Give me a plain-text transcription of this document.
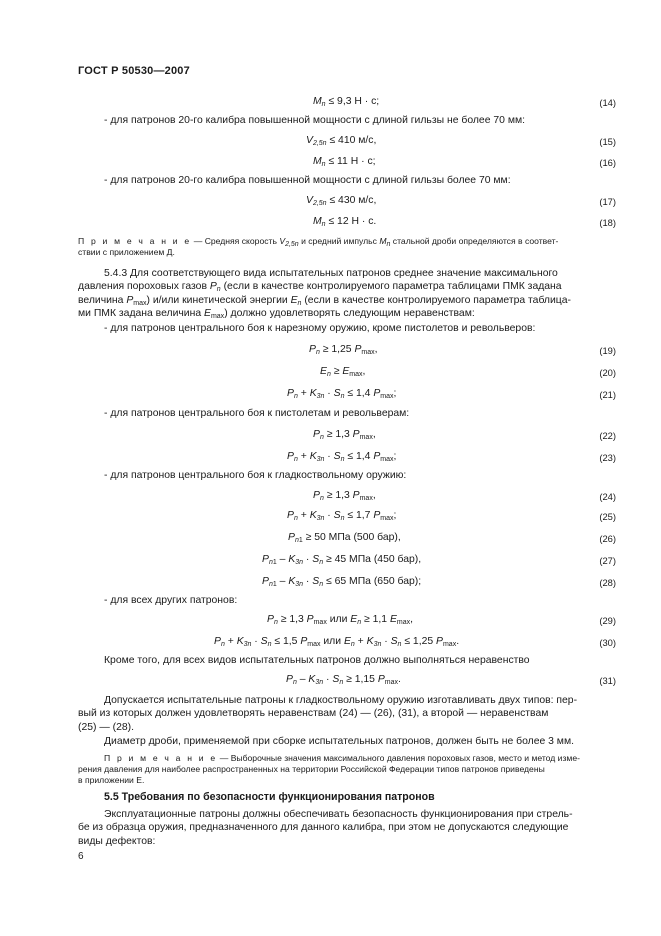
ГОСТ Р 50530—2007
$M_n \le 9,3$ Н · с;	(14)
- для патронов 20-го калибра повышенной мощности с длиной гильзы не более 70 мм:
$V_{2,5n} \le 410$ м/с,	(15)
$M_n \le 11$ Н · с;	(16)
- для патронов 20-го калибра повышенной мощности с длиной гильзы более 70 мм:
$V_{2,5n} \le 430$ м/с,	(17)
$M_n \le 12$ Н · с.	(18)
П р и м е ч а н и е — Средняя скорость $V_{2,5n}$ и средний импульс $M_n$ стальной дроби определяются в соответ-
ствии с приложением Д.
5.4.3 Для соответствующего вида испытательных патронов среднее значение максимального
давления пороховых газов $P_n$ (если в качестве контролируемого параметра таблицами ПМК задана
величина $P_{max}$) и/или кинетической энергии $E_n$ (если в качестве контролируемого параметра таблица-
ми ПМК задана величина $E_{max}$) должно удовлетворять следующим неравенствам:
- для патронов центрального боя к нарезному оружию, кроме пистолетов и револьверов:
$P_n \ge 1,25$ $P_{max}$,	(19)
$E_n \ge E_{max}$,	(20)
$P_n + K_{3n} \cdot S_n \le 1,4$ $P_{max}$;	(21)
- для патронов центрального боя к пистолетам и револьверам:
$P_n \ge 1,3$ $P_{max}$,	(22)
$P_n + K_{3n} \cdot S_n \le 1,4$ $P_{max}$;	(23)
- для патронов центрального боя к гладкоствольному оружию:
$P_n \ge 1,3$ $P_{max}$,	(24)
$P_n + K_{3n} \cdot S_n \le 1,7$ $P_{max}$;	(25)
$P_{n1} \ge 50$ МПа (500 бар),	(26)
$P_{n1} - K_{3n} \cdot S_n \ge 45$ МПа (450 бар),	(27)
$P_{n1} - K_{3n} \cdot S_n \le 65$ МПа (650 бар);	(28)
- для всех других патронов:
$P_n \ge 1,3$ $P_{max}$ или $E_n \ge 1,1$ $E_{max}$,	(29)
$P_n + K_{3n} \cdot S_n \le 1,5$ $P_{max}$ или $E_n + K_{3n} \cdot S_n \le 1,25$ $P_{max}$.	(30)
Кроме того, для всех видов испытательных патронов должно выполняться неравенство
$P_n - K_{3n} \cdot S_n \ge 1,15$ $P_{max}$.	(31)
Допускается испытательные патроны к гладкоствольному оружию изготавливать двух типов: пер-
вый из которых должен удовлетворять неравенствам (24) — (26), (31), а второй — неравенствам
(25) — (28).
Диаметр дроби, применяемой при сборке испытательных патронов, должен быть не более 3 мм.
П р и м е ч а н и е — Выборочные значения максимального давления пороховых газов, место и метод изме-
рения давления для наиболее распространенных на территории Российской Федерации типов патронов приведены
в приложении Е.
5.5 Требования по безопасности функционирования патронов
Эксплуатационные патроны должны обеспечивать безопасность функционирования при стрель-
бе из образца оружия, предназначенного для данного калибра, при этом не допускаются следующие
виды дефектов:
6
